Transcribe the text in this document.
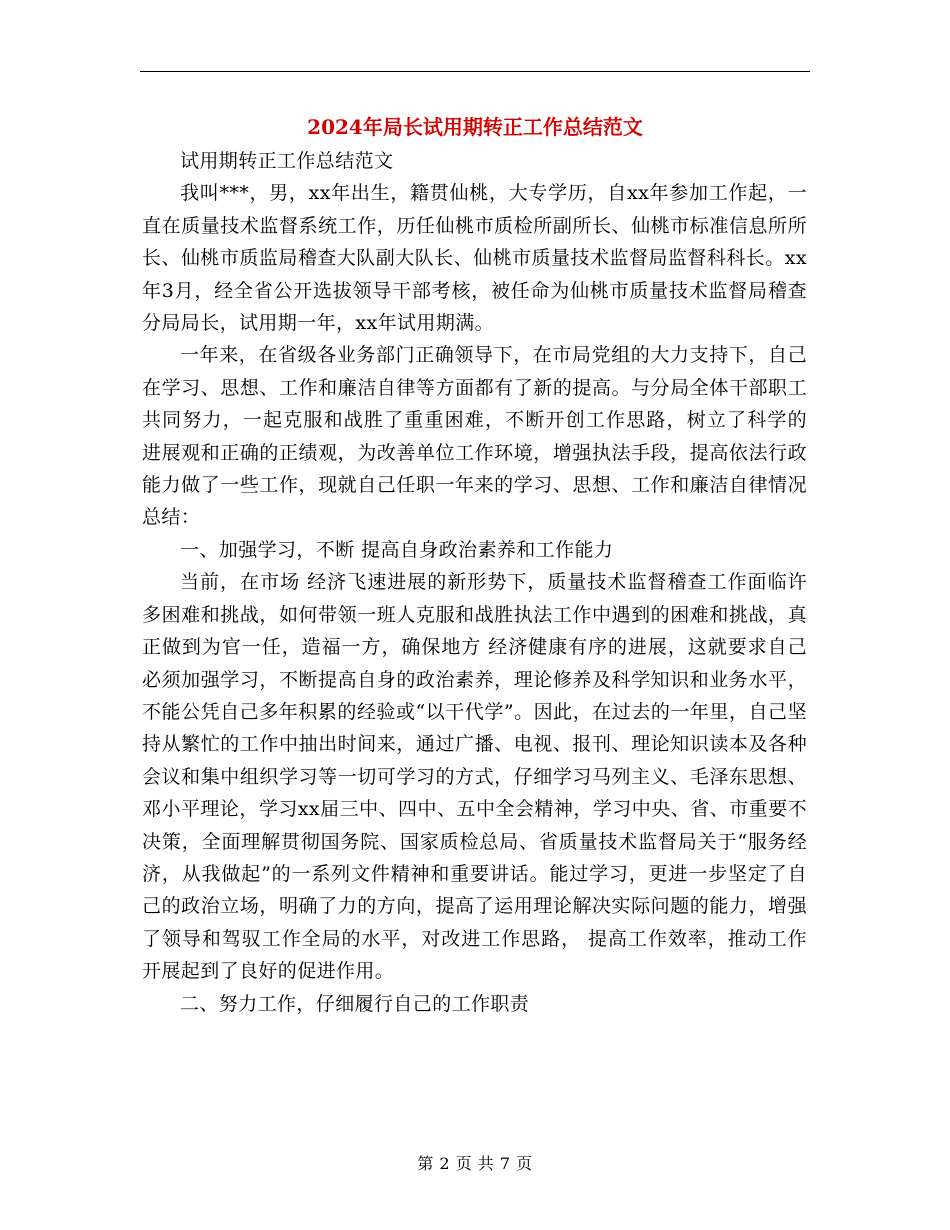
2024年局长试用期转正工作总结范文

试用期转正工作总结范文

我叫***，男，xx年出生，籍贯仙桃，大专学历，自xx年参加工作起，一直在质量技术监督系统工作，历任仙桃市质检所副所长、仙桃市标准信息所所长、仙桃市质监局稽查大队副大队长、仙桃市质量技术监督局监督科科长。xx年3月，经全省公开选拔领导干部考核，被任命为仙桃市质量技术监督局稽查分局局长，试用期一年，xx年试用期满。

一年来，在省级各业务部门正确领导下，在市局党组的大力支持下，自己在学习、思想、工作和廉洁自律等方面都有了新的提高。与分局全体干部职工共同努力，一起克服和战胜了重重困难，不断开创工作思路，树立了科学的 进展观和正确的正绩观，为改善单位工作环境，增强执法手段，提高依法行政能力做了一些工作，现就自己任职一年来的学习、思想、工作和廉洁自律情况总结：

一、加强学习，不断 提高自身政治素养和工作能力

当前，在市场 经济飞速进展的新形势下，质量技术监督稽查工作面临许多困难和挑战，如何带领一班人克服和战胜执法工作中遇到的困难和挑战，真正做到为官一任，造福一方，确保地方 经济健康有序的进展，这就要求自己必须加强学习，不断提高自身的政治素养，理论修养及科学知识和业务水平，不能公凭自己多年积累的经验或“以干代学”。因此，在过去的一年里，自己坚持从繁忙的工作中抽出时间来，通过广播、电视、报刊、理论知识读本及各种会议和集中组织学习等一切可学习的方式，仔细学习马列主义、毛泽东思想、邓小平理论，学习xx届三中、四中、五中全会精神，学习中央、省、市重要不决策，全面理解贯彻国务院、国家质检总局、省质量技术监督局关于“服务经济，从我做起”的一系列文件精神和重要讲话。能过学习，更进一步坚定了自己的政治立场，明确了力的方向，提高了运用理论解决实际问题的能力，增强了领导和驾驭工作全局的水平，对改进工作思路， 提高工作效率，推动工作开展起到了良好的促进作用。

二、努力工作，仔细履行自己的工作职责

第 2 页 共 7 页
